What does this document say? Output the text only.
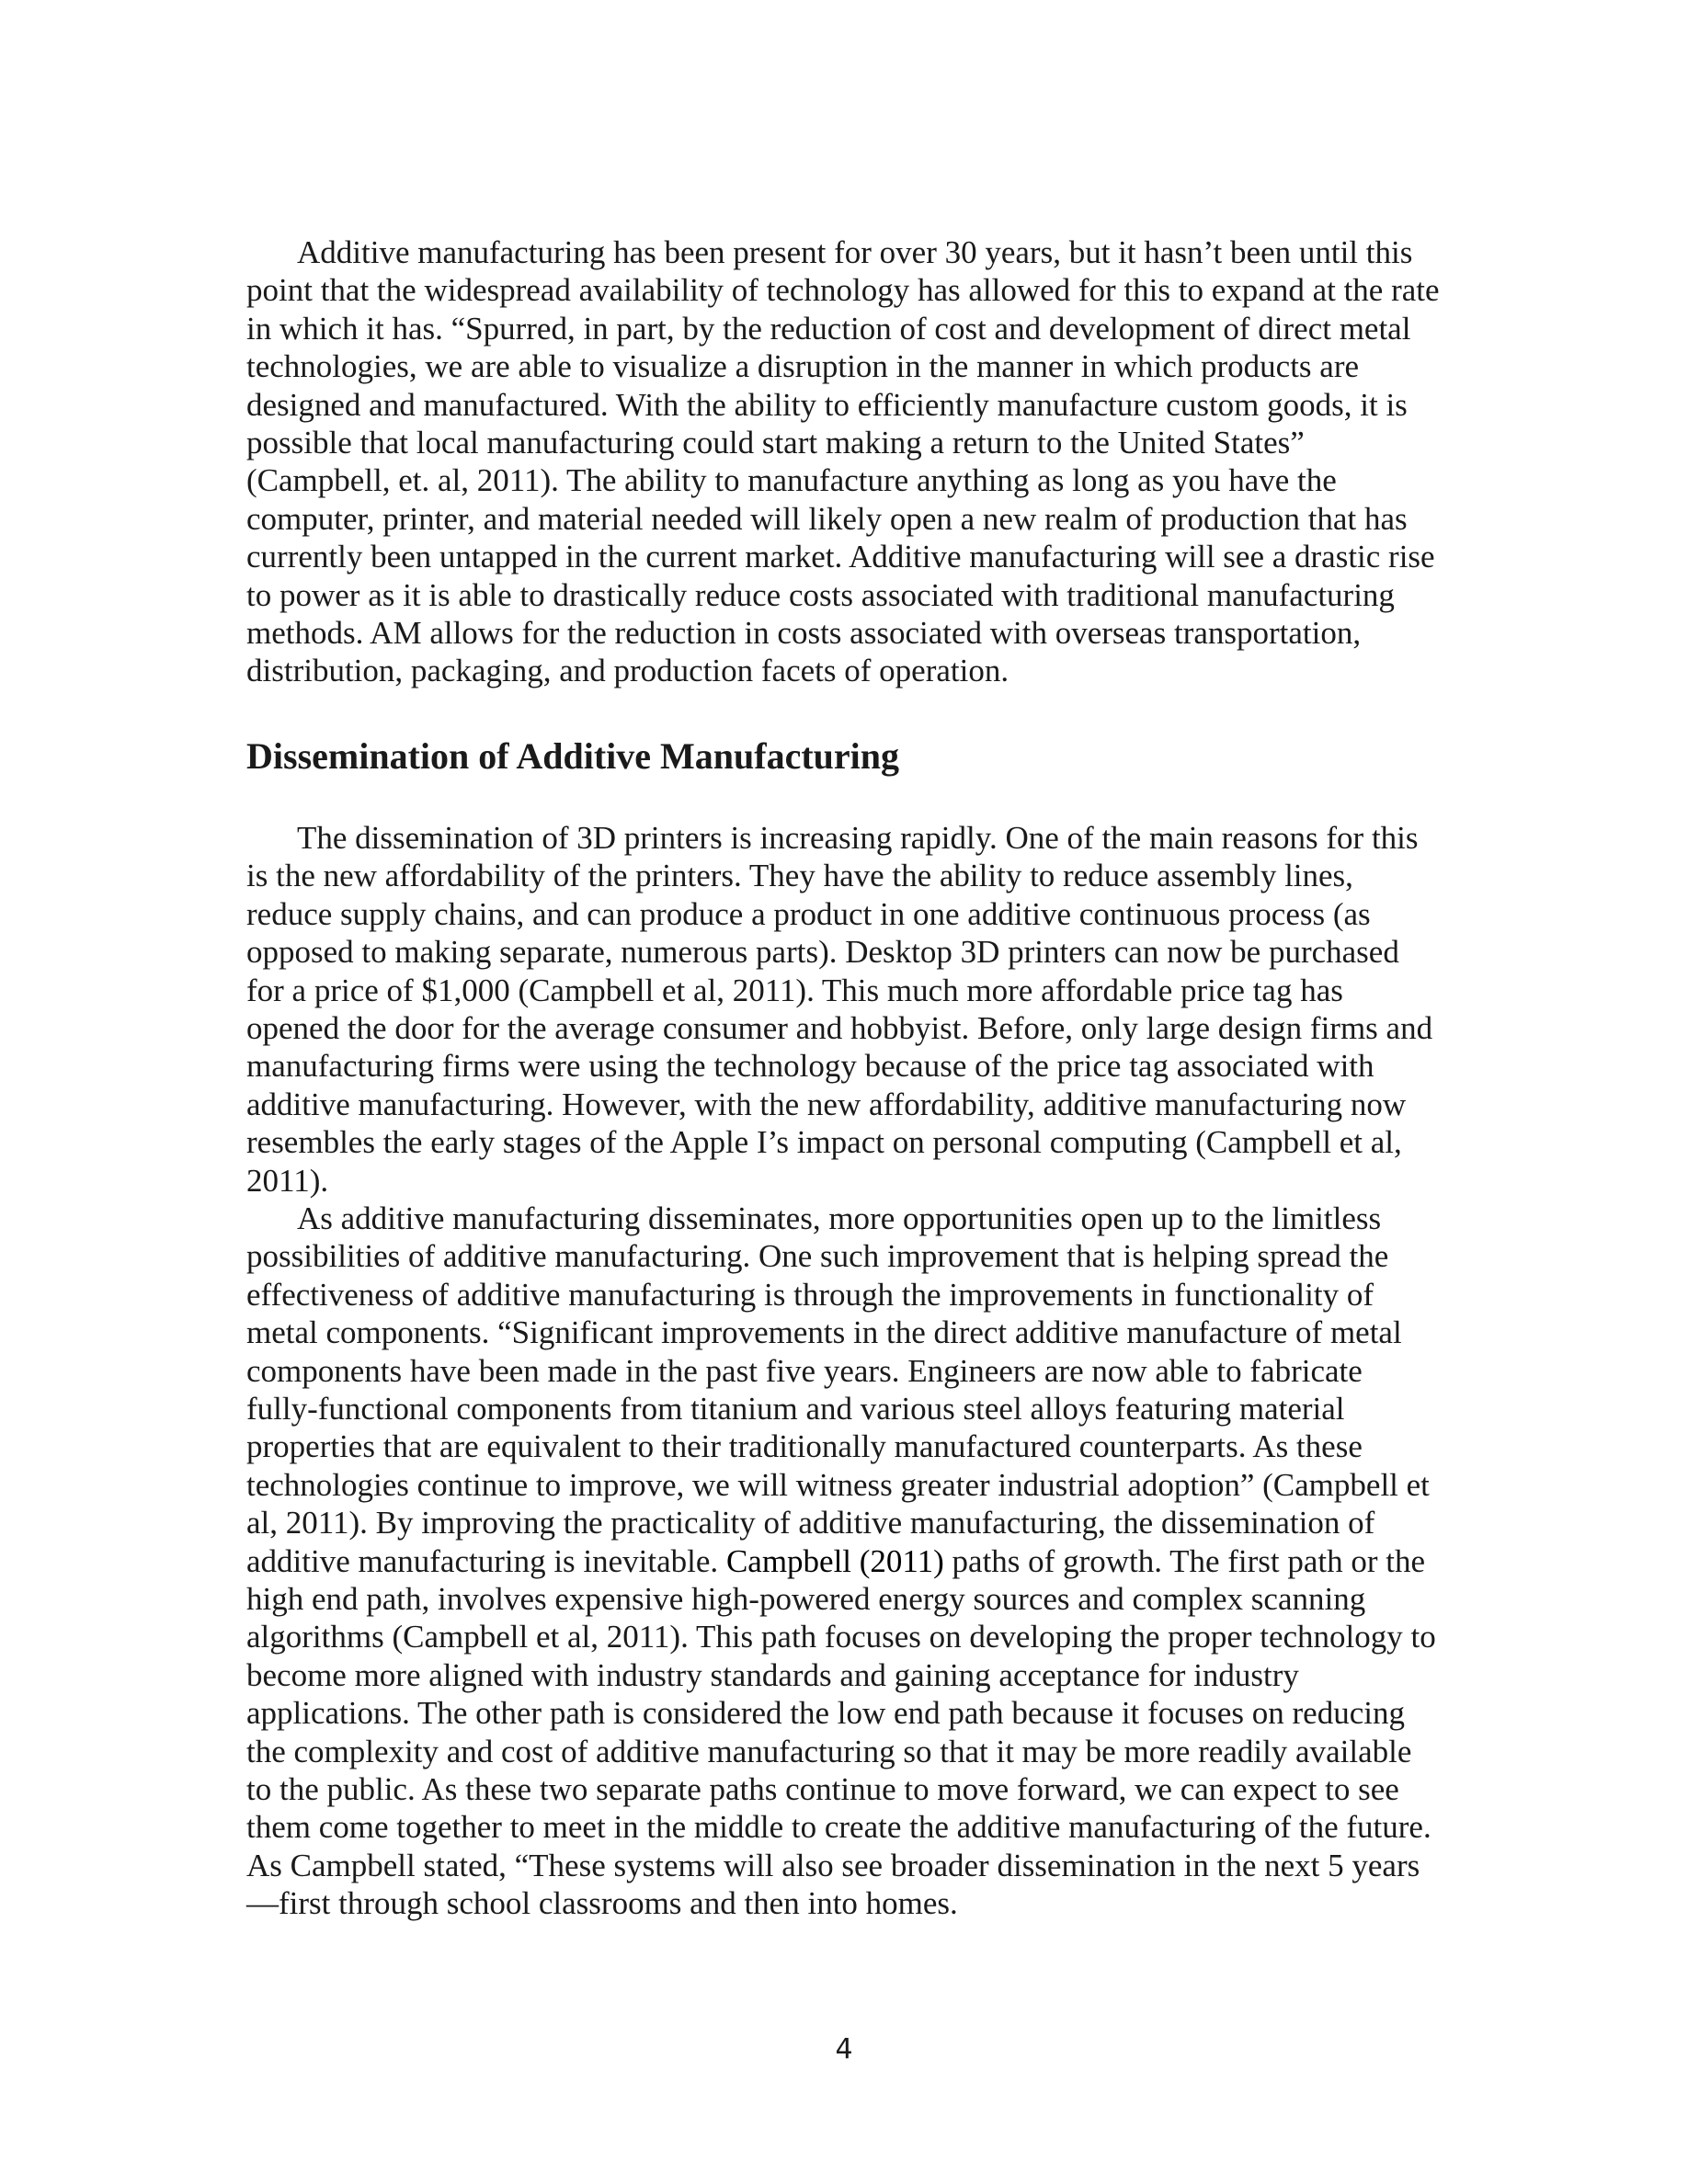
Additive manufacturing has been present for over 30 years, but it hasn’t been until this point that the widespread availability of technology has allowed for this to expand at the rate in which it has. “Spurred, in part, by the reduction of cost and development of direct metal technologies, we are able to visualize a disruption in the manner in which products are designed and manufactured. With the ability to efficiently manufacture custom goods, it is possible that local manufacturing could start making a return to the United States” (Campbell, et. al, 2011). The ability to manufacture anything as long as you have the computer, printer, and material needed will likely open a new realm of production that has currently been untapped in the current market. Additive manufacturing will see a drastic rise to power as it is able to drastically reduce costs associated with traditional manufacturing methods. AM allows for the reduction in costs associated with overseas transportation, distribution, packaging, and production facets of operation.

Dissemination of Additive Manufacturing

The dissemination of 3D printers is increasing rapidly. One of the main reasons for this is the new affordability of the printers. They have the ability to reduce assembly lines, reduce supply chains, and can produce a product in one additive continuous process (as opposed to making separate, numerous parts). Desktop 3D printers can now be purchased for a price of $1,000 (Campbell et al, 2011). This much more affordable price tag has opened the door for the average consumer and hobbyist. Before, only large design firms and manufacturing firms were using the technology because of the price tag associated with additive manufacturing. However, with the new affordability, additive manufacturing now resembles the early stages of the Apple I’s impact on personal computing (Campbell et al, 2011).

As additive manufacturing disseminates, more opportunities open up to the limitless possibilities of additive manufacturing. One such improvement that is helping spread the effectiveness of additive manufacturing is through the improvements in functionality of metal components. “Significant improvements in the direct additive manufacture of metal components have been made in the past five years. Engineers are now able to fabricate fully-functional components from titanium and various steel alloys featuring material properties that are equivalent to their traditionally manufactured counterparts. As these technologies continue to improve, we will witness greater industrial adoption” (Campbell et al, 2011). By improving the practicality of additive manufacturing, the dissemination of additive manufacturing is inevitable. Campbell (2011) paths of growth. The first path or the high end path, involves expensive high-powered energy sources and complex scanning algorithms (Campbell et al, 2011). This path focuses on developing the proper technology to become more aligned with industry standards and gaining acceptance for industry applications. The other path is considered the low end path because it focuses on reducing the complexity and cost of additive manufacturing so that it may be more readily available to the public. As these two separate paths continue to move forward, we can expect to see them come together to meet in the middle to create the additive manufacturing of the future. As Campbell stated, “These systems will also see broader dissemination in the next 5 years—first through school classrooms and then into homes.

4
